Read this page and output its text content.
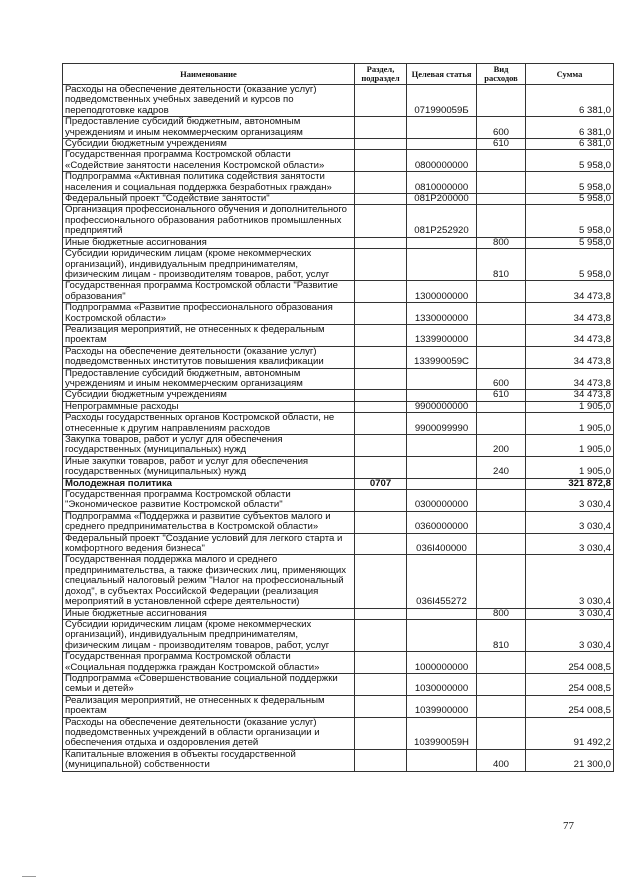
Наименование	Раздел, подраздел	Целевая статья	Вид расходов	Сумма
Расходы на обеспечение деятельности (оказание услуг) подведомственных учебных заведений и курсов по переподготовке кадров		071990059Б		6 381,0
Предоставление субсидий бюджетным, автономным учреждениям и иным некоммерческим организациям			600	6 381,0
Субсидии бюджетным учреждениям			610	6 381,0
Государственная программа Костромской области «Содействие занятости населения Костромской области»		0800000000		5 958,0
Подпрограмма «Активная политика содействия занятости населения и социальная поддержка безработных граждан»		0810000000		5 958,0
Федеральный проект "Содействие занятости"		081P200000		5 958,0
Организация профессионального обучения и дополнительного профессионального образования работников промышленных предприятий		081P252920		5 958,0
Иные бюджетные ассигнования			800	5 958,0
Субсидии юридическим лицам (кроме некоммерческих организаций), индивидуальным предпринимателям, физическим лицам - производителям товаров, работ, услуг			810	5 958,0
Государственная программа Костромской области "Развитие образования"		1300000000		34 473,8
Подпрограмма «Развитие профессионального образования Костромской области»		1330000000		34 473,8
Реализация мероприятий, не отнесенных к федеральным проектам		1339900000		34 473,8
Расходы на обеспечение деятельности (оказание услуг) подведомственных институтов повышения квалификации		133990059C		34 473,8
Предоставление субсидий бюджетным, автономным учреждениям и иным некоммерческим организациям			600	34 473,8
Субсидии бюджетным учреждениям			610	34 473,8
Непрограммные расходы		9900000000		1 905,0
Расходы государственных органов Костромской области, не отнесенные к другим направлениям расходов		9900099990		1 905,0
Закупка товаров, работ и услуг для обеспечения государственных (муниципальных) нужд			200	1 905,0
Иные закупки товаров, работ и услуг для обеспечения государственных (муниципальных) нужд			240	1 905,0
Молодежная политика	0707			321 872,8
Государственная программа Костромской области "Экономическое развитие Костромской области"		0300000000		3 030,4
Подпрограмма «Поддержка и развитие субъектов малого и среднего предпринимательства в Костромской области»		0360000000		3 030,4
Федеральный проект "Создание условий для легкого старта и комфортного ведения бизнеса"		036I400000		3 030,4
Государственная поддержка малого и среднего предпринимательства, а также физических лиц, применяющих специальный налоговый режим "Налог на профессиональный доход", в субъектах Российской Федерации (реализация мероприятий в установленной сфере деятельности)		036I455272		3 030,4
Иные бюджетные ассигнования			800	3 030,4
Субсидии юридическим лицам (кроме некоммерческих организаций), индивидуальным предпринимателям, физическим лицам - производителям товаров, работ, услуг			810	3 030,4
Государственная программа Костромской области «Социальная поддержка граждан Костромской области»		1000000000		254 008,5
Подпрограмма «Совершенствование социальной поддержки семьи и детей»		1030000000		254 008,5
Реализация мероприятий, не отнесенных к федеральным проектам		1039900000		254 008,5
Расходы на обеспечение деятельности (оказание услуг) подведомственных учреждений в области организации и обеспечения отдыха и оздоровления детей		103990059H		91 492,2
Капитальные вложения в объекты государственной (муниципальной) собственности			400	21 300,0
77
